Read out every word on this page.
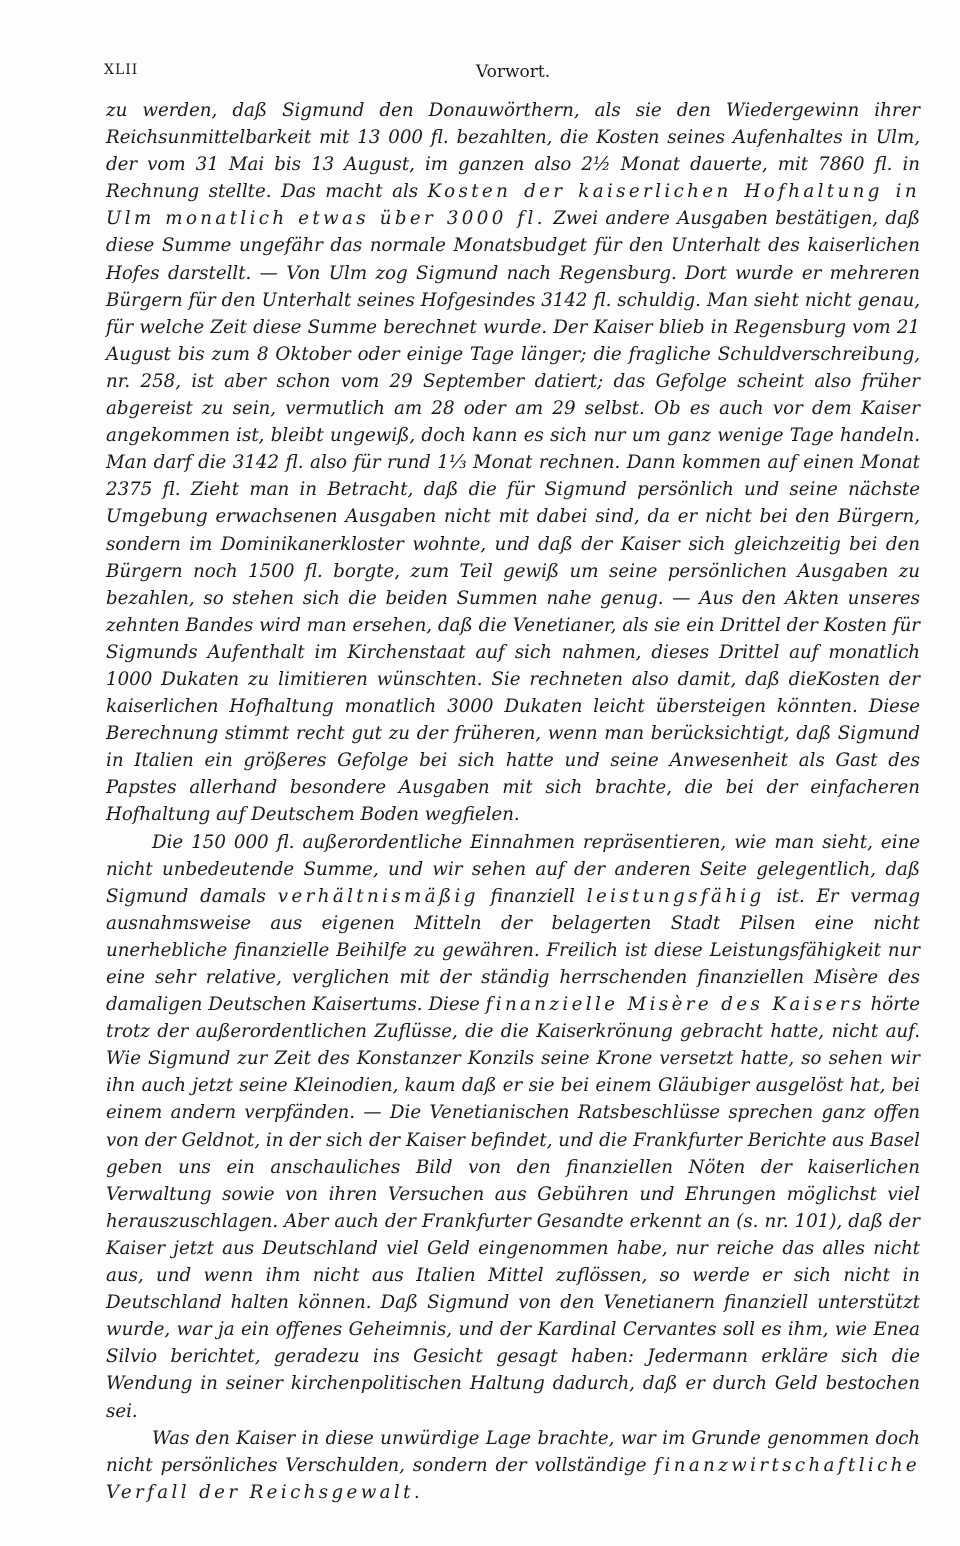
XLII	Vorwort.

zu werden, daß Sigmund den Donauwörthern, als sie den Wiedergewinn ihrer Reichsunmittelbarkeit mit 13 000 fl. bezahlten, die Kosten seines Aufenhaltes in Ulm, der vom 31 Mai bis 13 August, im ganzen also 2½ Monat dauerte, mit 7860 fl. in Rechnung stellte. Das macht als Kosten der kaiserlichen Hofhaltung in Ulm monatlich etwas über 3000 fl. Zwei andere Ausgaben bestätigen, daß diese Summe ungefähr das normale Monatsbudget für den Unterhalt des kaiserlichen Hofes darstellt. — Von Ulm zog Sigmund nach Regensburg. Dort wurde er mehreren Bürgern für den Unterhalt seines Hofgesindes 3142 fl. schuldig. Man sieht nicht genau, für welche Zeit diese Summe berechnet wurde. Der Kaiser blieb in Regensburg vom 21 August bis zum 8 Oktober oder einige Tage länger; die fragliche Schuldverschreibung, nr. 258, ist aber schon vom 29 September datiert; das Gefolge scheint also früher abgereist zu sein, vermutlich am 28 oder am 29 selbst. Ob es auch vor dem Kaiser angekommen ist, bleibt ungewiß, doch kann es sich nur um ganz wenige Tage handeln. Man darf die 3142 fl. also für rund 1⅓ Monat rechnen. Dann kommen auf einen Monat 2375 fl. Zieht man in Betracht, daß die für Sigmund persönlich und seine nächste Umgebung erwachsenen Ausgaben nicht mit dabei sind, da er nicht bei den Bürgern, sondern im Dominikanerkloster wohnte, und daß der Kaiser sich gleichzeitig bei den Bürgern noch 1500 fl. borgte, zum Teil gewiß um seine persönlichen Ausgaben zu bezahlen, so stehen sich die beiden Summen nahe genug. — Aus den Akten unseres zehnten Bandes wird man ersehen, daß die Venetianer, als sie ein Drittel der Kosten für Sigmunds Aufenthalt im Kirchenstaat auf sich nahmen, dieses Drittel auf monatlich 1000 Dukaten zu limitieren wünschten. Sie rechneten also damit, daß dieKosten der kaiserlichen Hofhaltung monatlich 3000 Dukaten leicht übersteigen könnten. Diese Berechnung stimmt recht gut zu der früheren, wenn man berücksichtigt, daß Sigmund in Italien ein größeres Gefolge bei sich hatte und seine Anwesenheit als Gast des Papstes allerhand besondere Ausgaben mit sich brachte, die bei der einfacheren Hofhaltung auf Deutschem Boden wegfielen.

Die 150 000 fl. außerordentliche Einnahmen repräsentieren, wie man sieht, eine nicht unbedeutende Summe, und wir sehen auf der anderen Seite gelegentlich, daß Sigmund damals verhältnismäßig finanziell leistungsfähig ist. Er vermag ausnahmsweise aus eigenen Mitteln der belagerten Stadt Pilsen eine nicht unerhebliche finanzielle Beihilfe zu gewähren. Freilich ist diese Leistungsfähigkeit nur eine sehr relative, verglichen mit der ständig herrschenden finanziellen Misère des damaligen Deutschen Kaisertums. Diese finanzielle Misère des Kaisers hörte trotz der außerordentlichen Zuflüsse, die die Kaiserkrönung gebracht hatte, nicht auf. Wie Sigmund zur Zeit des Konstanzer Konzils seine Krone versetzt hatte, so sehen wir ihn auch jetzt seine Kleinodien, kaum daß er sie bei einem Gläubiger ausgelöst hat, bei einem andern verpfänden. — Die Venetianischen Ratsbeschlüsse sprechen ganz offen von der Geldnot, in der sich der Kaiser befindet, und die Frankfurter Berichte aus Basel geben uns ein anschauliches Bild von den finanziellen Nöten der kaiserlichen Verwaltung sowie von ihren Versuchen aus Gebühren und Ehrungen möglichst viel herauszuschlagen. Aber auch der Frankfurter Gesandte erkennt an (s. nr. 101), daß der Kaiser jetzt aus Deutschland viel Geld eingenommen habe, nur reiche das alles nicht aus, und wenn ihm nicht aus Italien Mittel zuflössen, so werde er sich nicht in Deutschland halten können. Daß Sigmund von den Venetianern finanziell unterstützt wurde, war ja ein offenes Geheimnis, und der Kardinal Cervantes soll es ihm, wie Enea Silvio berichtet, geradezu ins Gesicht gesagt haben: Jedermann erkläre sich die Wendung in seiner kirchenpolitischen Haltung dadurch, daß er durch Geld bestochen sei.

Was den Kaiser in diese unwürdige Lage brachte, war im Grunde genommen doch nicht persönliches Verschulden, sondern der vollständige finanzwirtschaftliche Verfall der Reichsgewalt.
